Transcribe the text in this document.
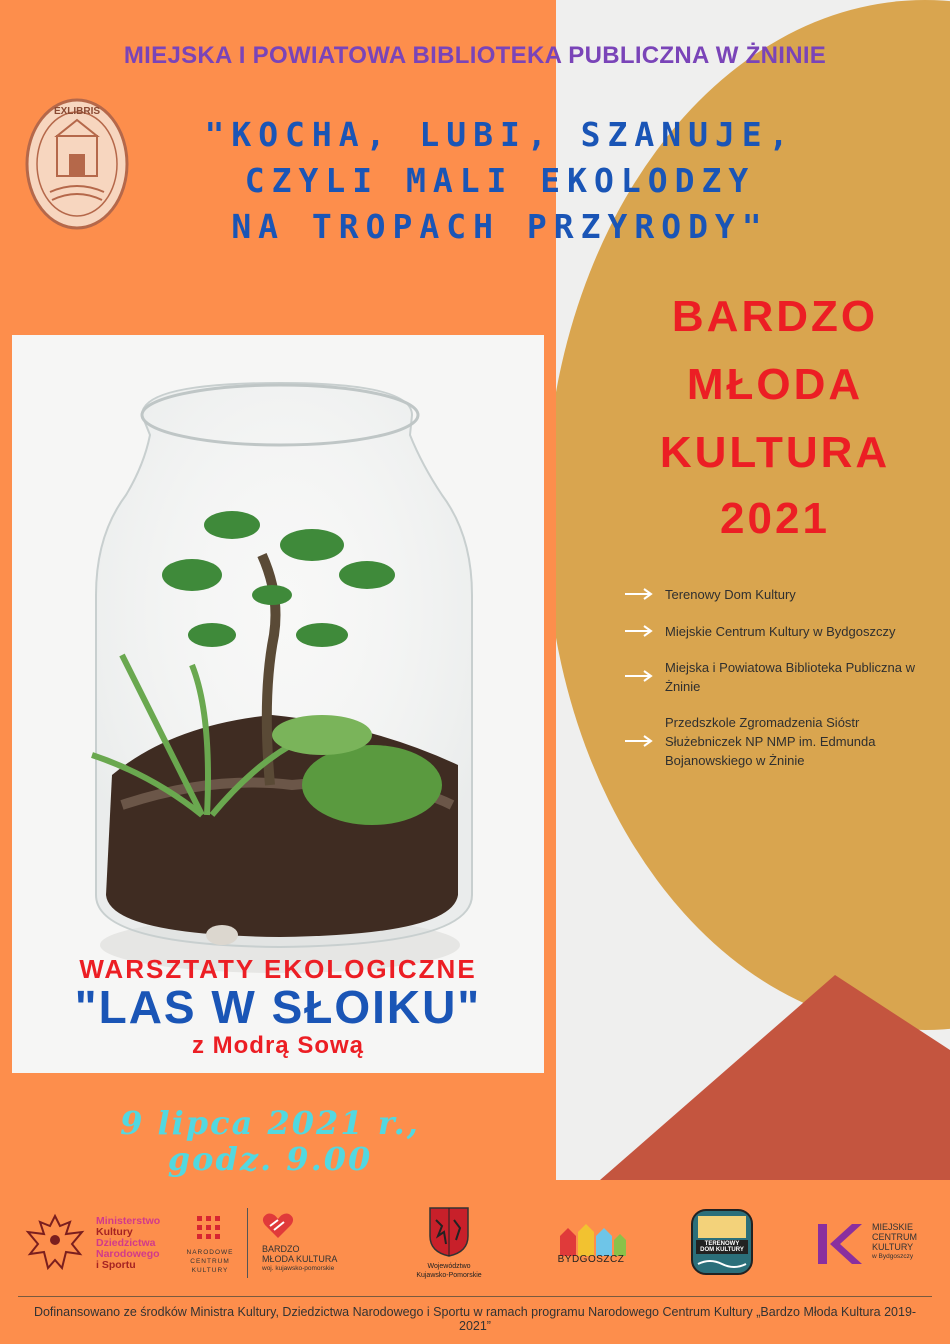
MIEJSKA I POWIATOWA BIBLIOTEKA PUBLICZNA W ŻNINIE
EXLIBRIS
"KOCHA, LUBI, SZANUJE,
CZYLI MALI EKOLODZY
NA TROPACH PRZYRODY"
BARDZO
MŁODA
KULTURA
2021
Terenowy Dom Kultury
Miejskie Centrum Kultury w Bydgoszczy
Miejska i Powiatowa Biblioteka Publiczna w Żninie
Przedszkole Zgromadzenia Sióstr Służebniczek NP NMP im. Edmunda Bojanowskiego w Żninie
WARSZTATY EKOLOGICZNE
"LAS W SŁOIKU"
z Modrą Sową
9 lipca 2021 r.,
godz. 9.00
Ministerstwo
Kultury
Dziedzictwa
Narodowego
i Sportu
NARODOWE
CENTRUM
KULTURY
BARDZO
MŁODA KULTURA
woj. kujawsko-pomorskie	Województwo
Kujawsko-Pomorskie
BYDGOSZCZ
TERENOWY
DOM KULTURY
MIEJSKIE
CENTRUM
KULTURY
w Bydgoszczy
Dofinansowano ze środków Ministra Kultury, Dziedzictwa Narodowego i Sportu w ramach programu Narodowego Centrum Kultury „Bardzo Młoda Kultura 2019-2021”
